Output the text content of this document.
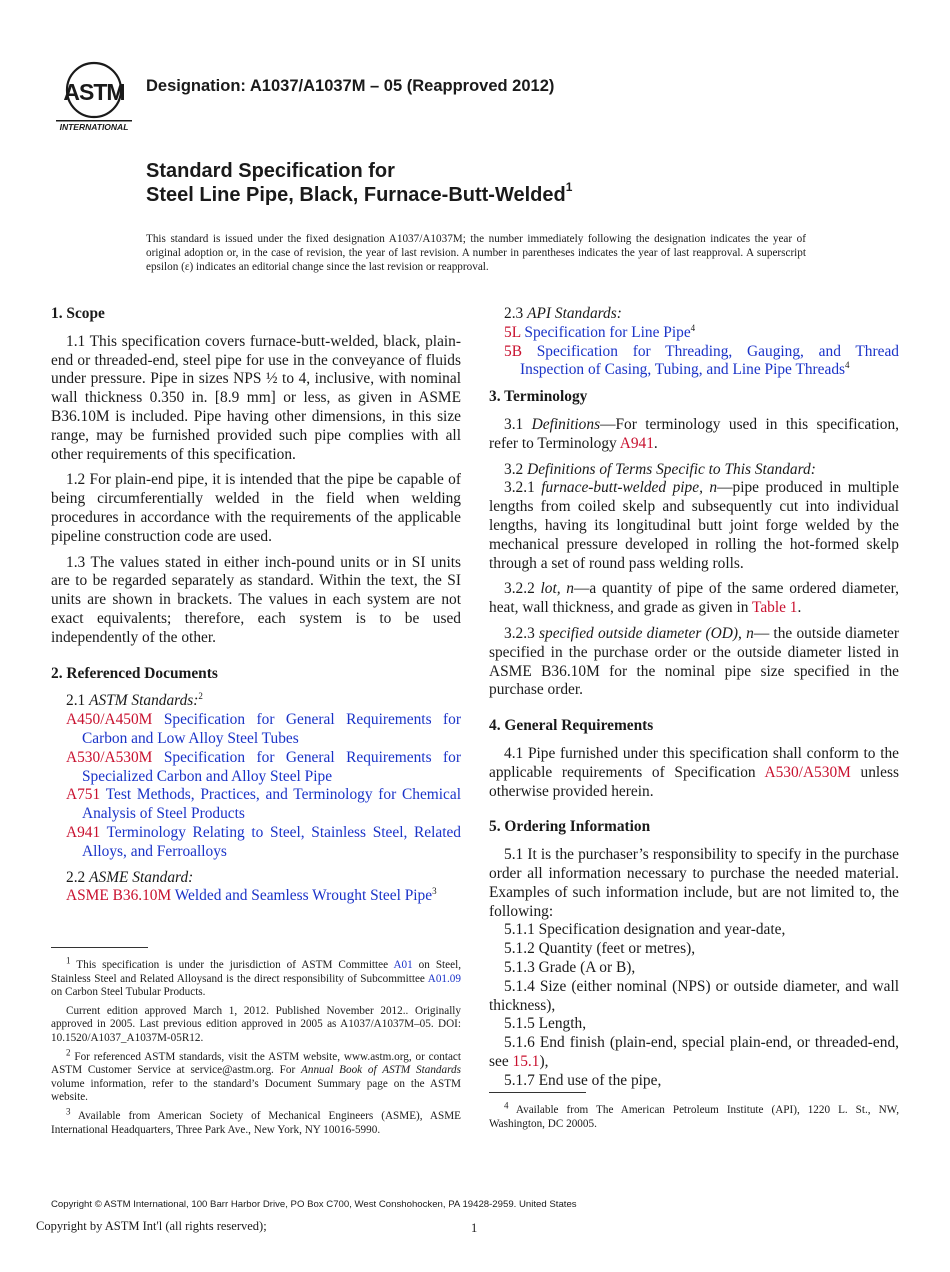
ASTM
INTERNATIONAL
Designation: A1037/A1037M – 05 (Reapproved 2012)
Standard Specification for
Steel Line Pipe, Black, Furnace-Butt-Welded$^1$
This standard is issued under the fixed designation A1037/A1037M; the number immediately following the designation indicates the year of original adoption or, in the case of revision, the year of last revision. A number in parentheses indicates the year of last reapproval. A superscript epsilon (ε) indicates an editorial change since the last revision or reapproval.
1. Scope

1.1 This specification covers furnace-butt-welded, black, plain-end or threaded-end, steel pipe for use in the conveyance of fluids under pressure. Pipe in sizes NPS ½ to 4, inclusive, with nominal wall thickness 0.350 in. [8.9 mm] or less, as given in ASME B36.10M is included. Pipe having other dimensions, in this size range, may be furnished provided such pipe complies with all other requirements of this specification.

1.2 For plain-end pipe, it is intended that the pipe be capable of being circumferentially welded in the field when welding procedures in accordance with the requirements of the applicable pipeline construction code are used.

1.3 The values stated in either inch-pound units or in SI units are to be regarded separately as standard. Within the text, the SI units are shown in brackets. The values in each system are not exact equivalents; therefore, each system is to be used independently of the other.

2. Referenced Documents

2.1 ASTM Standards:$^2$

A450/A450M Specification for General Requirements for Carbon and Low Alloy Steel Tubes

A530/A530M Specification for General Requirements for Specialized Carbon and Alloy Steel Pipe

A751 Test Methods, Practices, and Terminology for Chemical Analysis of Steel Products

A941 Terminology Relating to Steel, Stainless Steel, Related Alloys, and Ferroalloys

2.2 ASME Standard:

ASME B36.10M Welded and Seamless Wrought Steel Pipe$^3$

$^1$ This specification is under the jurisdiction of ASTM Committee A01 on Steel, Stainless Steel and Related Alloysand is the direct responsibility of Subcommittee A01.09 on Carbon Steel Tubular Products.

Current edition approved March 1, 2012. Published November 2012.. Originally approved in 2005. Last previous edition approved in 2005 as A1037/A1037M–05. DOI: 10.1520/A1037_A1037M-05R12.

$^2$ For referenced ASTM standards, visit the ASTM website, www.astm.org, or contact ASTM Customer Service at service@astm.org. For Annual Book of ASTM Standards volume information, refer to the standard’s Document Summary page on the ASTM website.

$^3$ Available from American Society of Mechanical Engineers (ASME), ASME International Headquarters, Three Park Ave., New York, NY 10016-5990.

2.3 API Standards:

5L Specification for Line Pipe$^4$

5B Specification for Threading, Gauging, and Thread Inspection of Casing, Tubing, and Line Pipe Threads$^4$

3. Terminology

3.1 Definitions—For terminology used in this specification, refer to Terminology A941.

3.2 Definitions of Terms Specific to This Standard:

3.2.1 furnace-butt-welded pipe, n—pipe produced in multiple lengths from coiled skelp and subsequently cut into individual lengths, having its longitudinal butt joint forge welded by the mechanical pressure developed in rolling the hot-formed skelp through a set of round pass welding rolls.

3.2.2 lot, n—a quantity of pipe of the same ordered diameter, heat, wall thickness, and grade as given in Table 1.

3.2.3 specified outside diameter (OD), n— the outside diameter specified in the purchase order or the outside diameter listed in ASME B36.10M for the nominal pipe size specified in the purchase order.

4. General Requirements

4.1 Pipe furnished under this specification shall conform to the applicable requirements of Specification A530/A530M unless otherwise provided herein.

5. Ordering Information

5.1 It is the purchaser’s responsibility to specify in the purchase order all information necessary to purchase the needed material. Examples of such information include, but are not limited to, the following:

5.1.1 Specification designation and year-date,

5.1.2 Quantity (feet or metres),

5.1.3 Grade (A or B),

5.1.4 Size (either nominal (NPS) or outside diameter, and wall thickness),

5.1.5 Length,

5.1.6 End finish (plain-end, special plain-end, or threaded-end, see 15.1),

5.1.7 End use of the pipe,

$^4$ Available from The American Petroleum Institute (API), 1220 L. St., NW, Washington, DC 20005.

Copyright © ASTM International, 100 Barr Harbor Drive, PO Box C700, West Conshohocken, PA 19428-2959. United States
Copyright by ASTM Int'l (all rights reserved);	1
